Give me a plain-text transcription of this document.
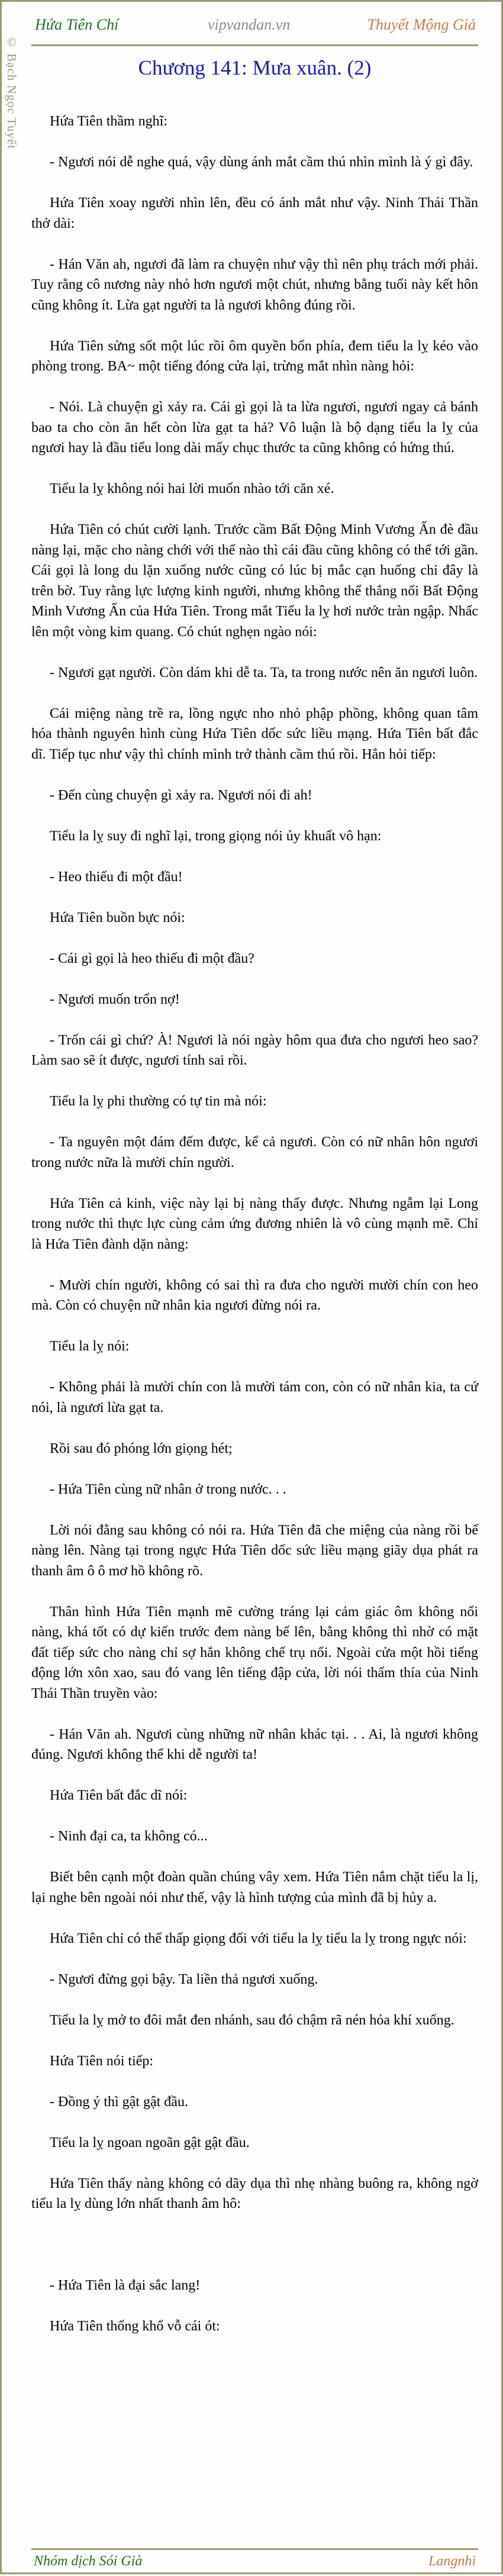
© Bạch Ngọc Tuyết
Hứa Tiên Chí	vipvandan.vn	Thuyết Mộng Giả
Chương 141: Mưa xuân. (2)

Hứa Tiên thầm nghĩ:

- Ngươi nói dễ nghe quá, vậy dùng ánh mắt cầm thú nhìn mình là ý gì đây.

Hứa Tiên xoay người nhìn lên, đều có ánh mắt như vậy. Ninh Thái Thần thở dài:

- Hán Văn ah, ngươi đã làm ra chuyện như vậy thì nên phụ trách mới phải. Tuy rằng cô nương này nhỏ hơn ngươi một chút, nhưng bằng tuổi này kết hôn cũng không ít. Lừa gạt người ta là ngươi không đúng rồi.

Hứa Tiên sửng sốt một lúc rồi ôm quyền bốn phía, đem tiểu la lỵ kéo vào phòng trong. BA~ một tiếng đóng cửa lại, trừng mắt nhìn nàng hỏi:

- Nói. Là chuyện gì xảy ra. Cái gì gọi là ta lừa ngươi, ngươi ngay cả bánh bao ta cho còn ăn hết còn lừa gạt ta hả? Vô luận là bộ dạng tiểu la lỵ của ngươi hay là đầu tiểu long dài mấy chục thước ta cũng không có hứng thú.

Tiểu la lỵ không nói hai lời muốn nhào tới căn xé.

Hứa Tiên có chút cười lạnh. Trước cầm Bất Động Minh Vương Ấn đè đầu nàng lại, mặc cho nàng chới với thế nào thì cái đầu cũng không có thể tới gần. Cái gọi là long du lặn xuống nước cũng có lúc bị mắc cạn huống chi đây là trên bờ. Tuy rằng lực lượng kinh người, nhưng không thể thắng nổi Bất Động Minh Vương Ấn của Hứa Tiên. Trong mắt Tiểu la lỵ hơi nước tràn ngập. Nhấc lên một vòng kim quang. Có chút nghẹn ngào nói:

- Ngươi gạt người. Còn dám khi dễ ta. Ta, ta trong nước nên ăn ngươi luôn.

Cái miệng nàng trề ra, lồng ngực nho nhỏ phập phồng, không quan tâm hóa thành nguyên hình cùng Hứa Tiên dốc sức liều mạng. Hứa Tiên bất đắc dĩ. Tiếp tục như vậy thì chính mình trở thành cầm thú rồi. Hắn hỏi tiếp:

- Đến cùng chuyện gì xảy ra. Ngươi nói đi ah!

Tiểu la lỵ suy đi nghĩ lại, trong giọng nói ủy khuất vô hạn:

- Heo thiếu đi một đầu!

Hứa Tiên buồn bực nói:

- Cái gì gọi là heo thiếu đi một đầu?

- Ngươi muốn trốn nợ!

- Trốn cái gì chứ? À! Ngươi là nói ngày hôm qua đưa cho ngươi heo sao? Làm sao sẽ ít được, ngươi tính sai rồi.

Tiểu la lỵ phi thường có tự tin mà nói:

- Ta nguyên một đám đếm được, kể cả ngươi. Còn có nữ nhân hôn ngươi trong nước nữa là mười chín người.

Hứa Tiên cả kinh, việc này lại bị nàng thấy được. Nhưng ngẫm lại Long trong nước thì thực lực cùng cảm ứng đương nhiên là vô cùng mạnh mẽ. Chỉ là Hứa Tiên đành dặn nàng:

- Mười chín người, không có sai thì ra đưa cho người mười chín con heo mà. Còn có chuyện nữ nhân kia ngươi đừng nói ra.

Tiểu la lỵ nói:

- Không phải là mười chín con là mười tám con, còn có nữ nhân kia, ta cứ nói, là ngươi lừa gạt ta.

Rồi sau đó phóng lớn giọng hét;

- Hứa Tiên cùng nữ nhân ở trong nước. . .

Lời nói đằng sau không có nói ra. Hứa Tiên đã che miệng của nàng rồi bế nàng lên. Nàng tại trong ngực Hứa Tiên dốc sức liều mạng giãy dụa phát ra thanh âm ô ô mơ hồ không rõ.

Thân hình Hứa Tiên mạnh mẽ cường tráng lại cảm giác ôm không nổi nàng, khá tốt có dự kiến trước đem nàng bế lên, bằng không thì nhờ có mặt đất tiếp sức cho nàng chỉ sợ hắn không chế trụ nổi. Ngoài cửa một hồi tiếng động lớn xôn xao, sau đó vang lên tiếng đập cửa, lời nói thấm thía của Ninh Thái Thần truyền vào:

- Hán Văn ah. Ngươi cùng những nữ nhân khác tại. . . Ai, là ngươi không đúng. Ngươi không thể khi dễ người ta!

Hứa Tiên bất đắc dĩ nói:

- Ninh đại ca, ta không có...

Biết bên cạnh một đoàn quần chúng vây xem. Hứa Tiên nắm chặt tiểu la lị, lại nghe bên ngoài nói như thế, vậy là hình tượng của mình đã bị hủy a.

Hứa Tiên chỉ có thể thấp giọng đối với tiểu la lỵ tiểu la lỵ trong ngực nói:

- Ngươi đừng gọi bậy. Ta liền thả ngươi xuống.

Tiểu la lỵ mở to đôi mắt đen nhánh, sau đó chậm rã nén hỏa khí xuống.

Hứa Tiên nói tiếp:

- Đồng ý thì gật gật đầu.

Tiểu la lỵ ngoan ngoãn gật gật đầu.

Hứa Tiên thấy nàng không có dãy dụa thì nhẹ nhàng buông ra, không ngờ tiểu la lỵ dùng lớn nhất thanh âm hô:

- Hứa Tiên là đại sắc lang!

Hứa Tiên thống khổ vỗ cái ót:

Nhóm dịch Sói Già	Langnhi
